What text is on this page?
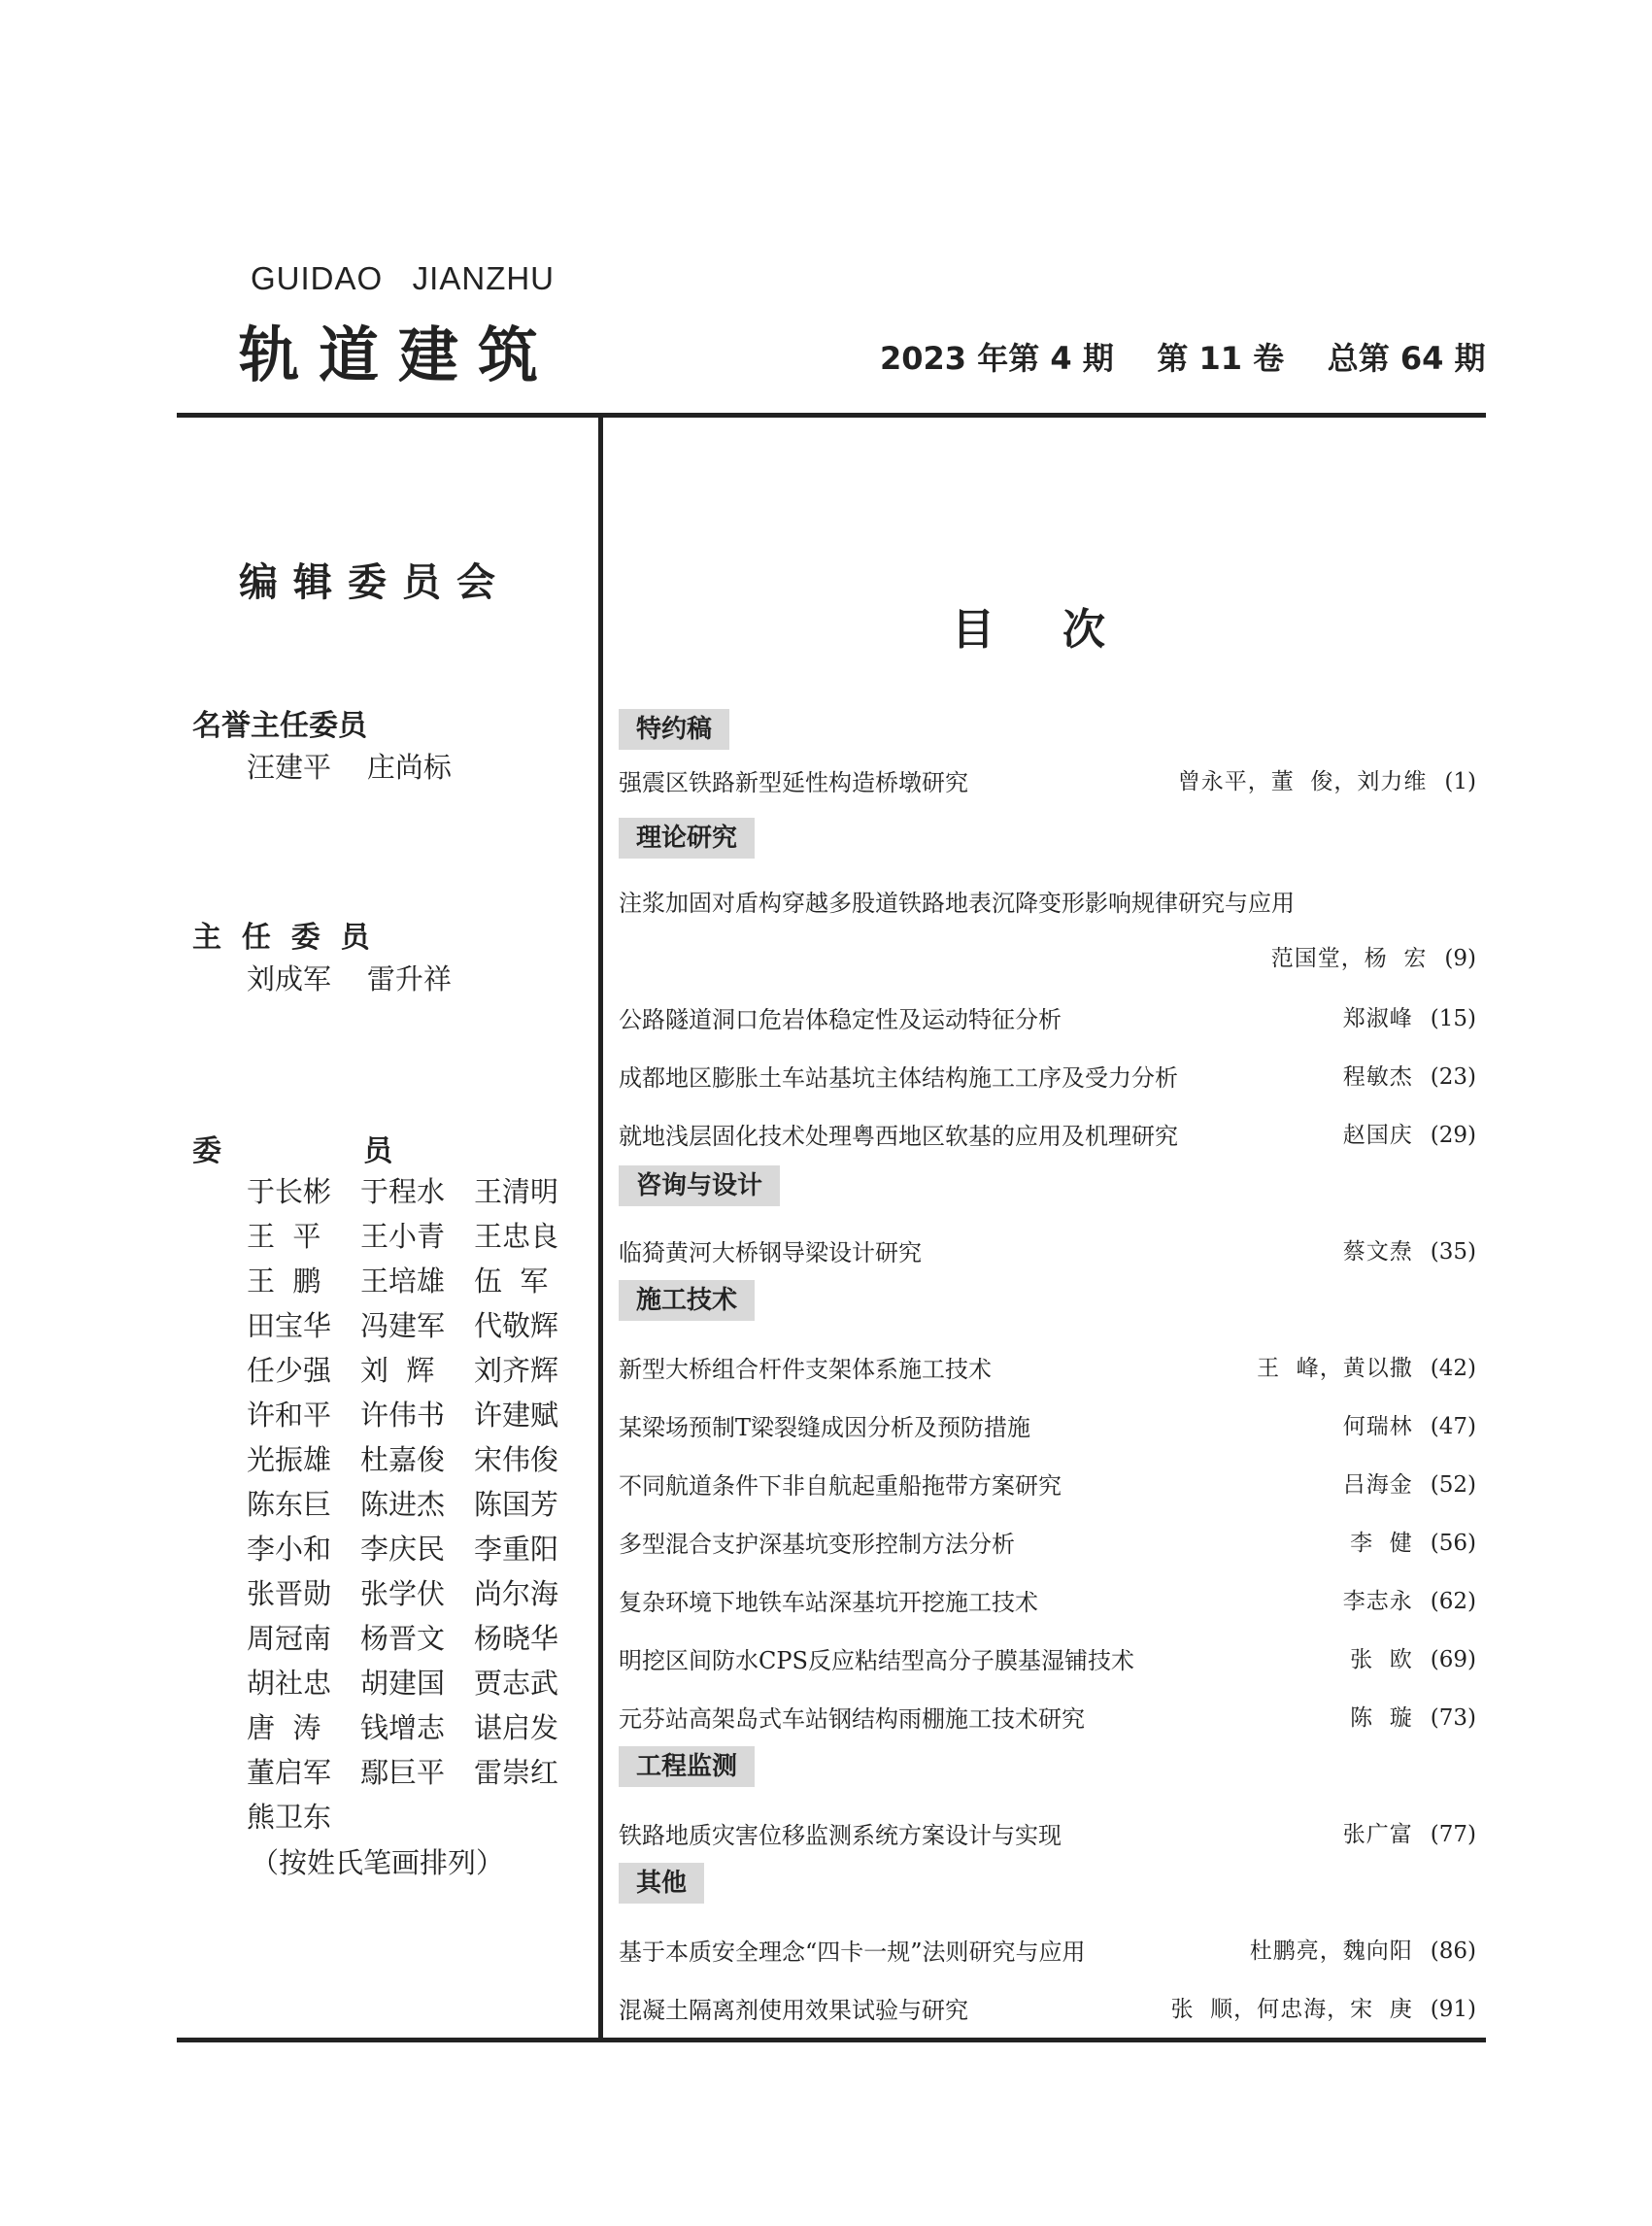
GUIDAO   JIANZHU
轨道建筑	2023 年第 4 期    第 11 卷    总第 64 期
编辑委员会
名誉主任委员
汪建平    庄尚标
主  任  委  员
刘成军    雷升祥
委              员
于长彬	于程水	王清明
王  平	王小青	王忠良
王  鹏	王培雄	伍  军
田宝华	冯建军	代敬辉
任少强	刘  辉	刘齐辉
许和平	许伟书	许建赋
光振雄	杜嘉俊	宋伟俊
陈东巨	陈进杰	陈国芳
李小和	李庆民	李重阳
张晋勋	张学伏	尚尔海
周冠南	杨晋文	杨晓华
胡社忠	胡建国	贾志武
唐  涛	钱增志	谌启发
董启军	鄢巨平	雷崇红
熊卫东
（按姓氏笔画排列）
目次
特约稿
强震区铁路新型延性构造桥墩研究	曾永平，董  俊，刘力维 (1)
理论研究
注浆加固对盾构穿越多股道铁路地表沉降变形影响规律研究与应用
范国堂，杨  宏 (9)
公路隧道洞口危岩体稳定性及运动特征分析	郑淑峰 (15)
成都地区膨胀土车站基坑主体结构施工工序及受力分析	程敏杰 (23)
就地浅层固化技术处理粤西地区软基的应用及机理研究	赵国庆 (29)
咨询与设计
临猗黄河大桥钢导梁设计研究	蔡文焘 (35)
施工技术
新型大桥组合杆件支架体系施工技术	王  峰，黄以撒 (42)
某梁场预制T梁裂缝成因分析及预防措施	何瑞林 (47)
不同航道条件下非自航起重船拖带方案研究	吕海金 (52)
多型混合支护深基坑变形控制方法分析	李  健 (56)
复杂环境下地铁车站深基坑开挖施工技术	李志永 (62)
明挖区间防水CPS反应粘结型高分子膜基湿铺技术	张  欧 (69)
元芬站高架岛式车站钢结构雨棚施工技术研究	陈  璇 (73)
工程监测
铁路地质灾害位移监测系统方案设计与实现	张广富 (77)
其他
基于本质安全理念“四卡一规”法则研究与应用	杜鹏亮，魏向阳 (86)
混凝土隔离剂使用效果试验与研究	张  顺，何忠海，宋  庚 (91)
